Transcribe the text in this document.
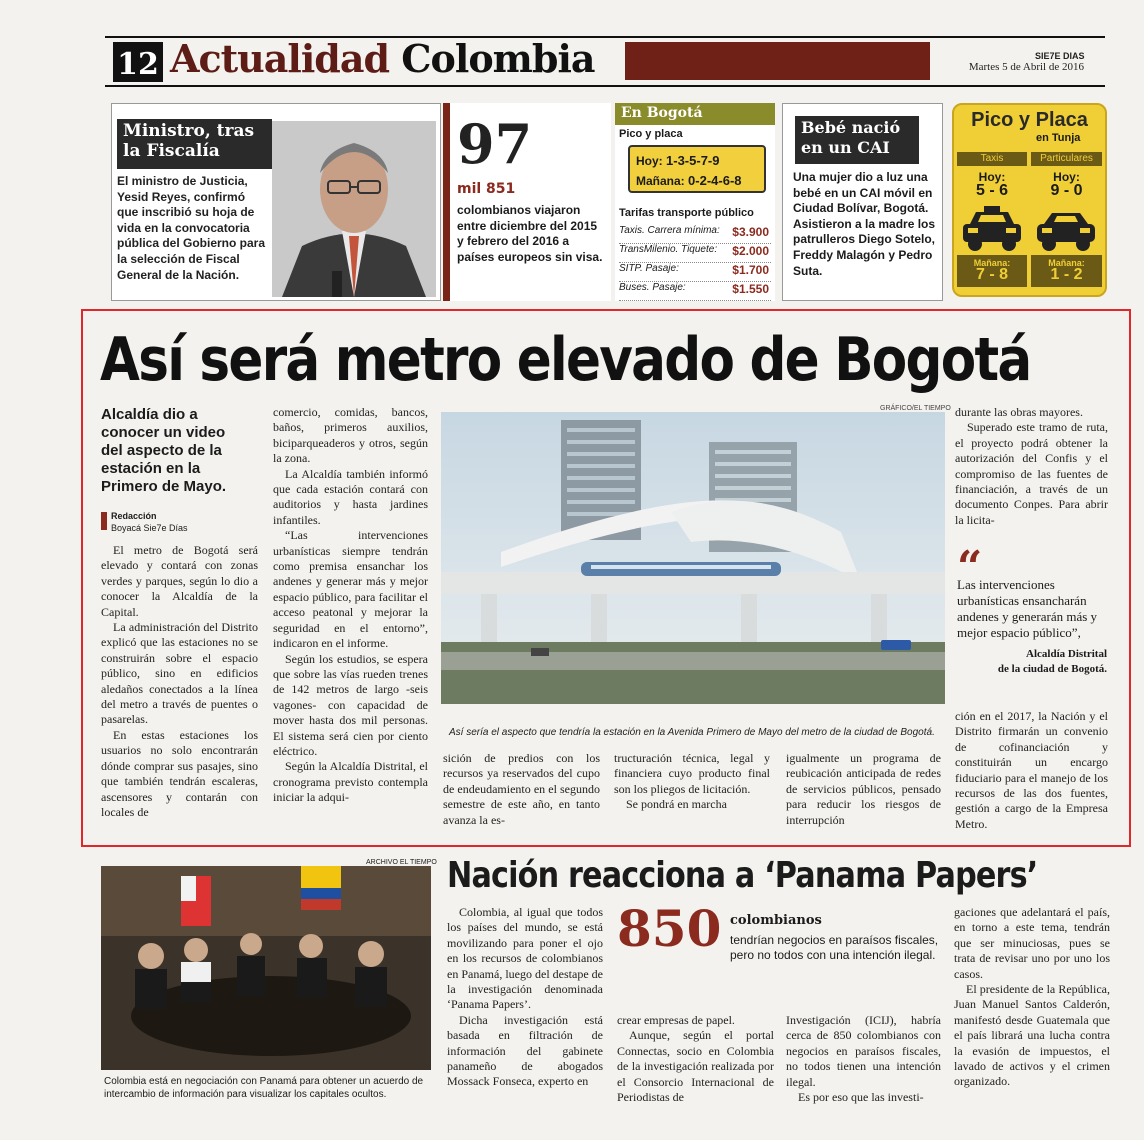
12 Actualidad Colombia	SIE7E DIAS
Martes 5 de Abril de 2016
Ministro, tras la Fiscalía
El ministro de Justicia, Yesid Reyes, confirmó que inscribió su hoja de vida en la convocatoria pública del Gobierno para la selección de Fiscal General de la Nación.
97
mil 851
colombianos viajaron entre diciembre del 2015 y febrero del 2016 a países europeos sin visa.
En Bogotá
Pico y placa
Hoy: 1-3-5-7-9
Mañana: 0-2-4-6-8
Tarifas transporte público
Taxis. Carrera mínima: $3.900
TransMilenio. Tiquete: $2.000
SITP. Pasaje:	$1.700
Buses. Pasaje:	$1.550
Bebé nació en un CAI
Una mujer dio a luz una bebé en un CAI móvil en Ciudad Bolívar, Bogotá. Asistieron a la madre los patrulleros Diego Sotelo, Freddy Malagón y Pedro Suta.
Pico y Placa
en Tunja
Taxis	Particulares
Hoy:
5 - 6
Hoy:
9 - 0
Mañana:
7 - 8
Mañana:
1 - 2
Así será metro elevado de Bogotá
Alcaldía dio a conocer un video del aspecto de la estación en la Primero de Mayo.
Redacción
Boyacá Sie7e Días

El metro de Bogotá será elevado y contará con zonas verdes y parques, según lo dio a conocer la Alcaldía de la Capital.

La administración del Distrito explicó que las estaciones no se construirán sobre el espacio público, sino en edificios aledaños conectados a la línea del metro a través de puentes o pasarelas.

En estas estaciones los usuarios no solo encontrarán dónde comprar sus pasajes, sino que también tendrán escaleras, ascensores y contarán con locales de

comercio, comidas, bancos, baños, primeros auxilios, biciparqueaderos y otros, según la zona.

La Alcaldía también informó que cada estación contará con auditorios y hasta jardines infantiles.

“Las intervenciones urbanísticas siempre tendrán como premisa ensanchar los andenes y generar más y mejor espacio público, para facilitar el acceso peatonal y mejorar la seguridad en el entorno”, indicaron en el informe.

Según los estudios, se espera que sobre las vías rueden trenes de 142 metros de largo -seis vagones- con capacidad de mover hasta dos mil personas. El sistema será cien por ciento eléctrico.

Según la Alcaldía Distrital, el cronograma previsto contempla iniciar la adqui-

GRÁFICO/EL TIEMPO
Así sería el aspecto que tendría la estación en la Avenida Primero de Mayo del metro de la ciudad de Bogotá.

sición de predios con los recursos ya reservados del cupo de endeudamiento en el segundo semestre de este año, en tanto avanza la es-

tructuración técnica, legal y financiera cuyo producto final son los pliegos de licitación.

Se pondrá en marcha

igualmente un programa de reubicación anticipada de redes de servicios públicos, pensado para reducir los riesgos de interrupción

durante las obras mayores.

Superado este tramo de ruta, el proyecto podrá obtener la autorización del Confis y el compromiso de las fuentes de financiación, a través de un documento Conpes. Para abrir la licita-

“
Las intervenciones urbanísticas ensancharán andenes y generarán más y mejor espacio público”,
Alcaldía Distrital
de la ciudad de Bogotá.

ción en el 2017, la Nación y el Distrito firmarán un convenio de cofinanciación y constituirán un encargo fiduciario para el manejo de los recursos de las dos fuentes, gestión a cargo de la Empresa Metro.

ARCHIVO EL TIEMPO
Colombia está en negociación con Panamá para obtener un acuerdo de intercambio de información para visualizar los capitales ocultos.
Nación reacciona a ‘Panama Papers’
850 colombianos
tendrían negocios en paraísos fiscales, pero no todos con una intención ilegal.

Colombia, al igual que todos los países del mundo, se está movilizando para poner el ojo en los recursos de colombianos en Panamá, luego del destape de la investigación denominada ‘Panama Papers’.

Dicha investigación está basada en filtración de información del gabinete panameño de abogados Mossack Fonseca, experto en

crear empresas de papel.

Aunque, según el portal Connectas, socio en Colombia de la investigación realizada por el Consorcio Internacional de Periodistas de

Investigación (ICIJ), habría cerca de 850 colombianos con negocios en paraísos fiscales, no todos tienen una intención ilegal.

Es por eso que las investi-

gaciones que adelantará el país, en torno a este tema, tendrán que ser minuciosas, pues se trata de revisar uno por uno los casos.

El presidente de la República, Juan Manuel Santos Calderón, manifestó desde Guatemala que el país librará una lucha contra la evasión de impuestos, el lavado de activos y el crimen organizado.
